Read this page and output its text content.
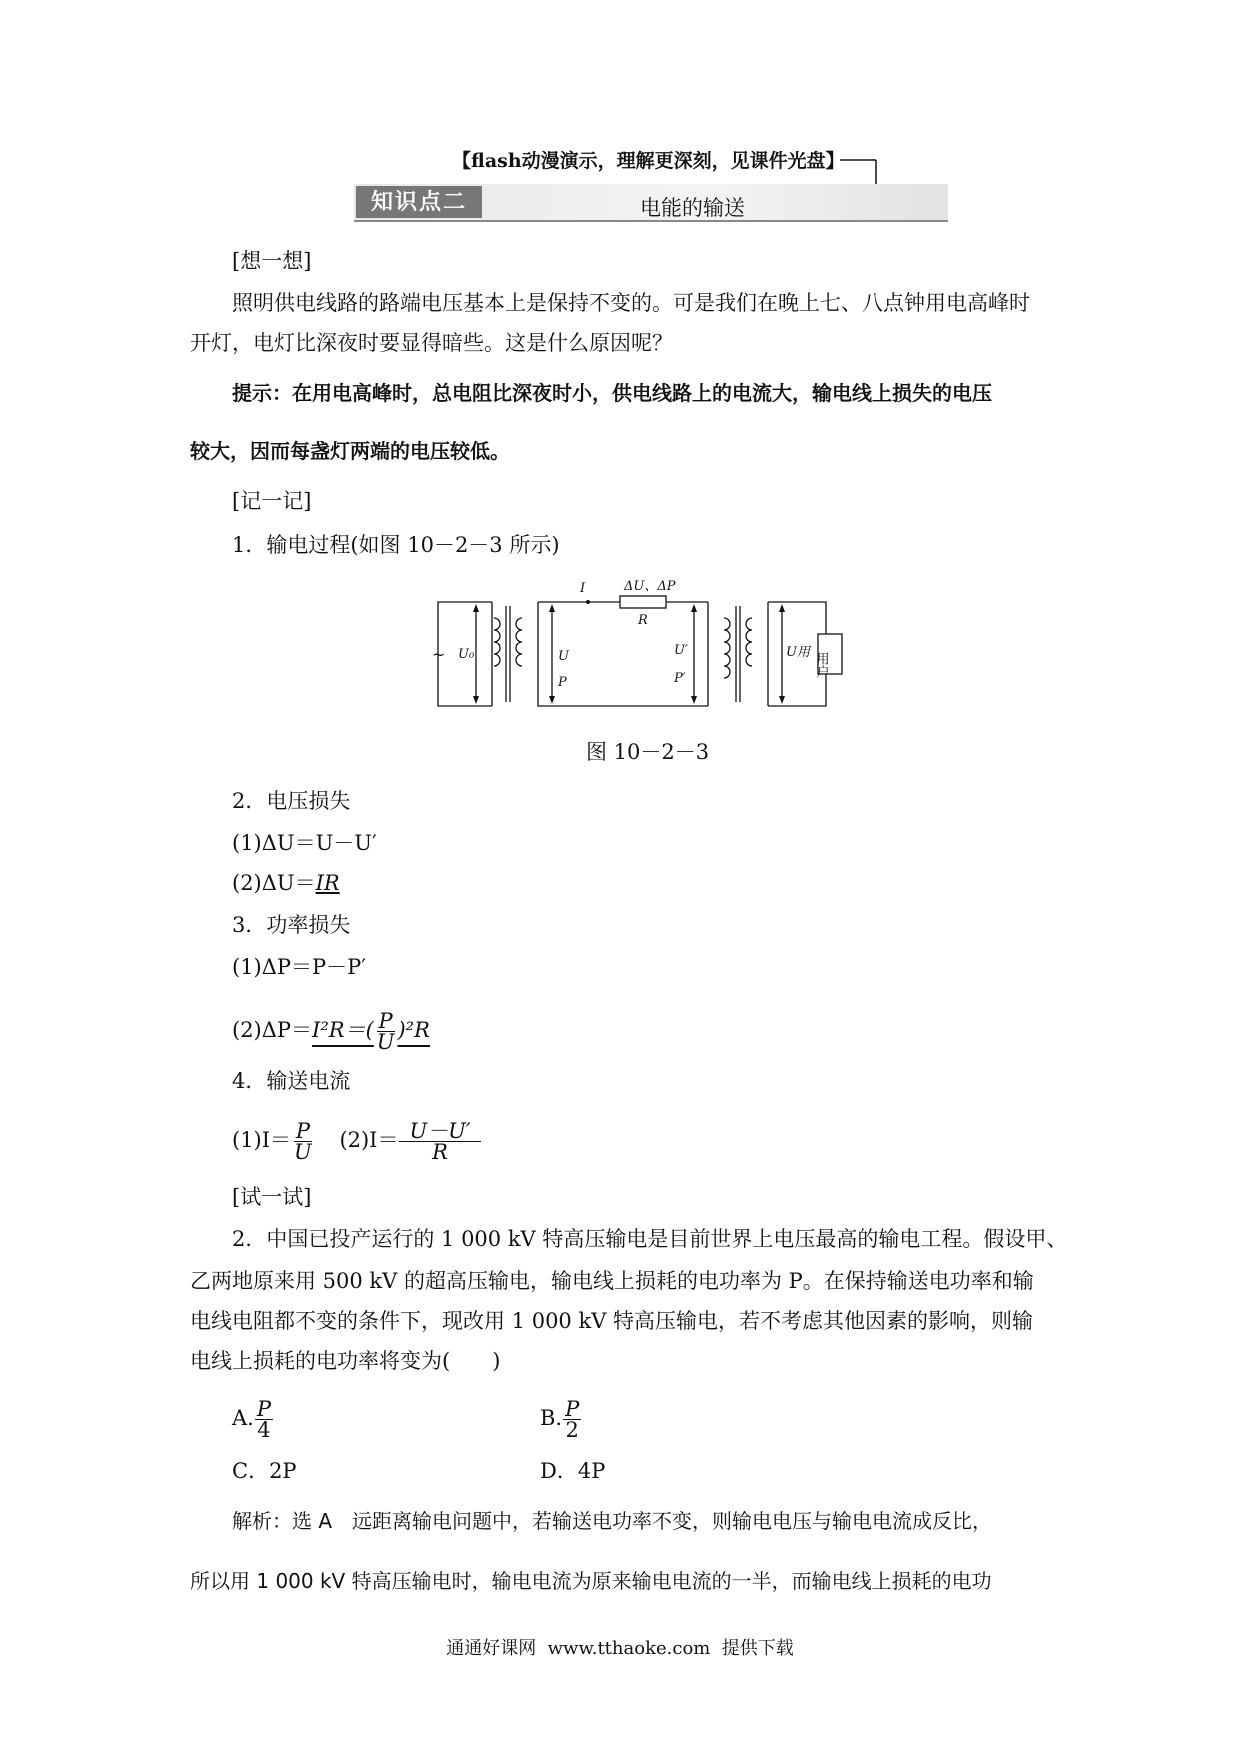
【flash动漫演示，理解更深刻，见课件光盘】
知识点二	电能的输送
[想一想]
照明供电线路的路端电压基本上是保持不变的。可是我们在晚上七、八点钟用电高峰时
开灯，电灯比深夜时要显得暗些。这是什么原因呢？
提示：在用电高峰时，总电阻比深夜时小，供电线路上的电流大，输电线上损失的电压
较大，因而每盏灯两端的电压较低。
[记一记]
1．输电过程(如图 10－2－3 所示)
~ U₀
I	ΔU、ΔP
R
U
P
U′
P′
U用 用户
图 10－2－3
2．电压损失
(1)ΔU＝U－U′
(2)ΔU＝IR
3．功率损失
(1)ΔP＝P－P′
$(2)\Delta P=I^2R=( \frac{P}{U} )^2R$
4．输送电流
$(1)I= \frac{P}{U} (2)I= \frac{U-U'}{R}$
[试一试]
2．中国已投产运行的 1 000 kV 特高压输电是目前世界上电压最高的输电工程。假设甲、
乙两地原来用 500 kV 的超高压输电，输电线上损耗的电功率为 P。在保持输送电功率和输
电线电阻都不变的条件下，现改用 1 000 kV 特高压输电，若不考虑其他因素的影响，则输
电线上损耗的电功率将变为(　　)
A. $\frac{P}{4}$	B. $\frac{P}{2}$
C．2P	D．4P
解析：选 A　远距离输电问题中，若输送电功率不变，则输电电压与输电电流成反比，
所以用 1 000 kV 特高压输电时，输电电流为原来输电电流的一半，而输电线上损耗的电功
通通好课网  www.tthaoke.com  提供下载
